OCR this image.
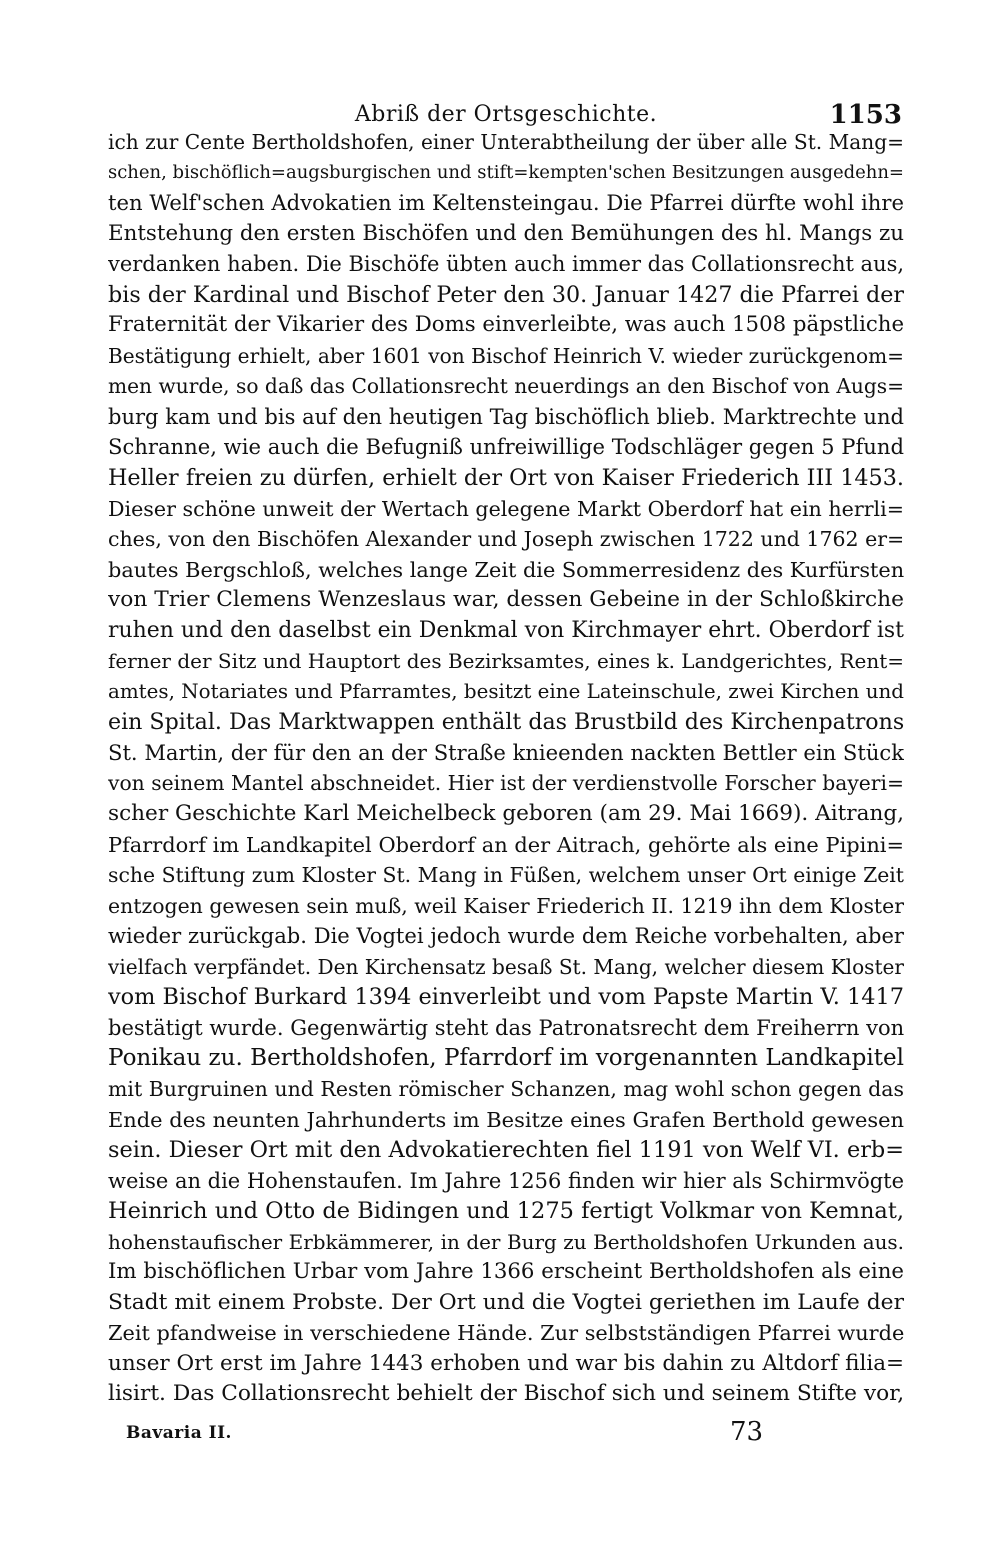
Abriß der Ortsgeschichte.	1153
ich zur Cente Bertholdshofen, einer Unterabtheilung der über alle St. Mang=
schen, bischöflich=augsburgischen und stift=kempten'schen Besitzungen ausgedehn=
ten Welf'schen Advokatien im Keltensteingau. Die Pfarrei dürfte wohl ihre
Entstehung den ersten Bischöfen und den Bemühungen des hl. Mangs zu
verdanken haben. Die Bischöfe übten auch immer das Collationsrecht aus,
bis der Kardinal und Bischof Peter den 30. Januar 1427 die Pfarrei der
Fraternität der Vikarier des Doms einverleibte, was auch 1508 päpstliche
Bestätigung erhielt, aber 1601 von Bischof Heinrich V. wieder zurückgenom=
men wurde, so daß das Collationsrecht neuerdings an den Bischof von Augs=
burg kam und bis auf den heutigen Tag bischöflich blieb. Marktrechte und
Schranne, wie auch die Befugniß unfreiwillige Todschläger gegen 5 Pfund
Heller freien zu dürfen, erhielt der Ort von Kaiser Friederich III 1453.
Dieser schöne unweit der Wertach gelegene Markt Oberdorf hat ein herrli=
ches, von den Bischöfen Alexander und Joseph zwischen 1722 und 1762 er=
bautes Bergschloß, welches lange Zeit die Sommerresidenz des Kurfürsten
von Trier Clemens Wenzeslaus war, dessen Gebeine in der Schloßkirche
ruhen und den daselbst ein Denkmal von Kirchmayer ehrt. Oberdorf ist
ferner der Sitz und Hauptort des Bezirksamtes, eines k. Landgerichtes, Rent=
amtes, Notariates und Pfarramtes, besitzt eine Lateinschule, zwei Kirchen und
ein Spital. Das Marktwappen enthält das Brustbild des Kirchenpatrons
St. Martin, der für den an der Straße knieenden nackten Bettler ein Stück
von seinem Mantel abschneidet. Hier ist der verdienstvolle Forscher bayeri=
scher Geschichte Karl Meichelbeck geboren (am 29. Mai 1669). Aitrang,
Pfarrdorf im Landkapitel Oberdorf an der Aitrach, gehörte als eine Pipini=
sche Stiftung zum Kloster St. Mang in Füßen, welchem unser Ort einige Zeit
entzogen gewesen sein muß, weil Kaiser Friederich II. 1219 ihn dem Kloster
wieder zurückgab. Die Vogtei jedoch wurde dem Reiche vorbehalten, aber
vielfach verpfändet. Den Kirchensatz besaß St. Mang, welcher diesem Kloster
vom Bischof Burkard 1394 einverleibt und vom Papste Martin V. 1417
bestätigt wurde. Gegenwärtig steht das Patronatsrecht dem Freiherrn von
Ponikau zu. Bertholdshofen, Pfarrdorf im vorgenannten Landkapitel
mit Burgruinen und Resten römischer Schanzen, mag wohl schon gegen das
Ende des neunten Jahrhunderts im Besitze eines Grafen Berthold gewesen
sein. Dieser Ort mit den Advokatierechten fiel 1191 von Welf VI. erb=
weise an die Hohenstaufen. Im Jahre 1256 finden wir hier als Schirmvögte
Heinrich und Otto de Bidingen und 1275 fertigt Volkmar von Kemnat,
hohenstaufischer Erbkämmerer, in der Burg zu Bertholdshofen Urkunden aus.
Im bischöflichen Urbar vom Jahre 1366 erscheint Bertholdshofen als eine
Stadt mit einem Probste. Der Ort und die Vogtei geriethen im Laufe der
Zeit pfandweise in verschiedene Hände. Zur selbstständigen Pfarrei wurde
unser Ort erst im Jahre 1443 erhoben und war bis dahin zu Altdorf filia=
lisirt. Das Collationsrecht behielt der Bischof sich und seinem Stifte vor,
Bavaria II.	73
